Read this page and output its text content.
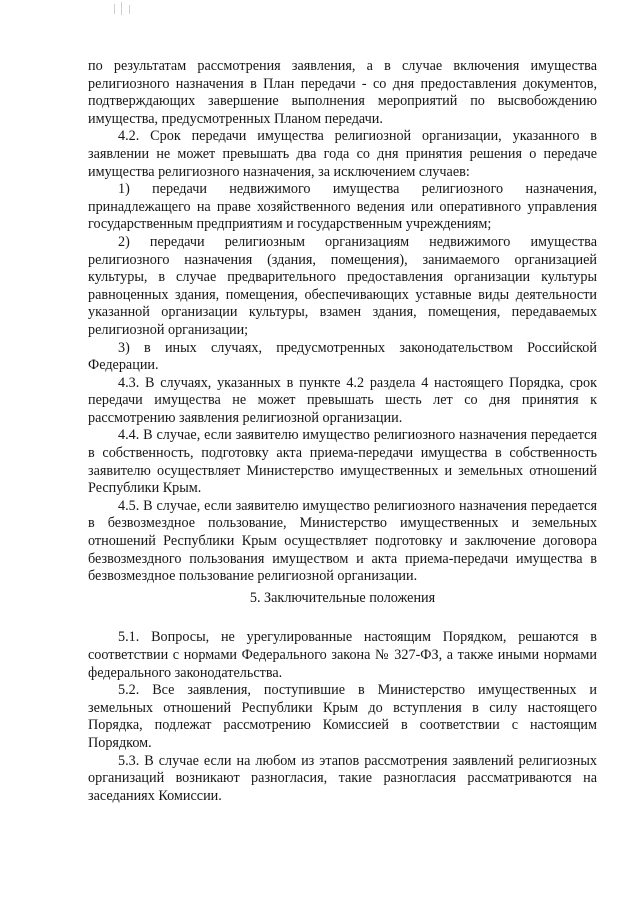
по результатам рассмотрения заявления, а в случае включения имущества религиозного назначения в План передачи - со дня предоставления документов, подтверждающих завершение выполнения мероприятий по высвобождению имущества, предусмотренных Планом передачи.

4.2. Срок передачи имущества религиозной организации, указанного в заявлении не может превышать два года со дня принятия решения о передаче имущества религиозного назначения, за исключением случаев:

1) передачи недвижимого имущества религиозного назначения, принадлежащего на праве хозяйственного ведения или оперативного управления государственным предприятиям и государственным учреждениям;

2) передачи религиозным организациям недвижимого имущества религиозного назначения (здания, помещения), занимаемого организацией культуры, в случае предварительного предоставления организации культуры равноценных здания, помещения, обеспечивающих уставные виды деятельности указанной организации культуры, взамен здания, помещения, передаваемых религиозной организации;

3) в иных случаях, предусмотренных законодательством Российской Федерации.

4.3. В случаях, указанных в пункте 4.2 раздела 4 настоящего Порядка, срок передачи имущества не может превышать шесть лет со дня принятия к рассмотрению заявления религиозной организации.

4.4. В случае, если заявителю имущество религиозного назначения передается в собственность, подготовку акта приема-передачи имущества в собственность заявителю осуществляет Министерство имущественных и земельных отношений Республики Крым.

4.5. В случае, если заявителю имущество религиозного назначения передается в безвозмездное пользование, Министерство имущественных и земельных отношений Республики Крым осуществляет подготовку и заключение договора безвозмездного пользования имуществом и акта приема-передачи имущества в безвозмездное пользование религиозной организации.

5. Заключительные положения

5.1. Вопросы, не урегулированные настоящим Порядком, решаются в соответствии с нормами Федерального закона № 327-ФЗ, а также иными нормами федерального законодательства.

5.2. Все заявления, поступившие в Министерство имущественных и земельных отношений Республики Крым до вступления в силу настоящего Порядка, подлежат рассмотрению Комиссией в соответствии с настоящим Порядком.

5.3. В случае если на любом из этапов рассмотрения заявлений религиозных организаций возникают разногласия, такие разногласия рассматриваются на заседаниях Комиссии.
